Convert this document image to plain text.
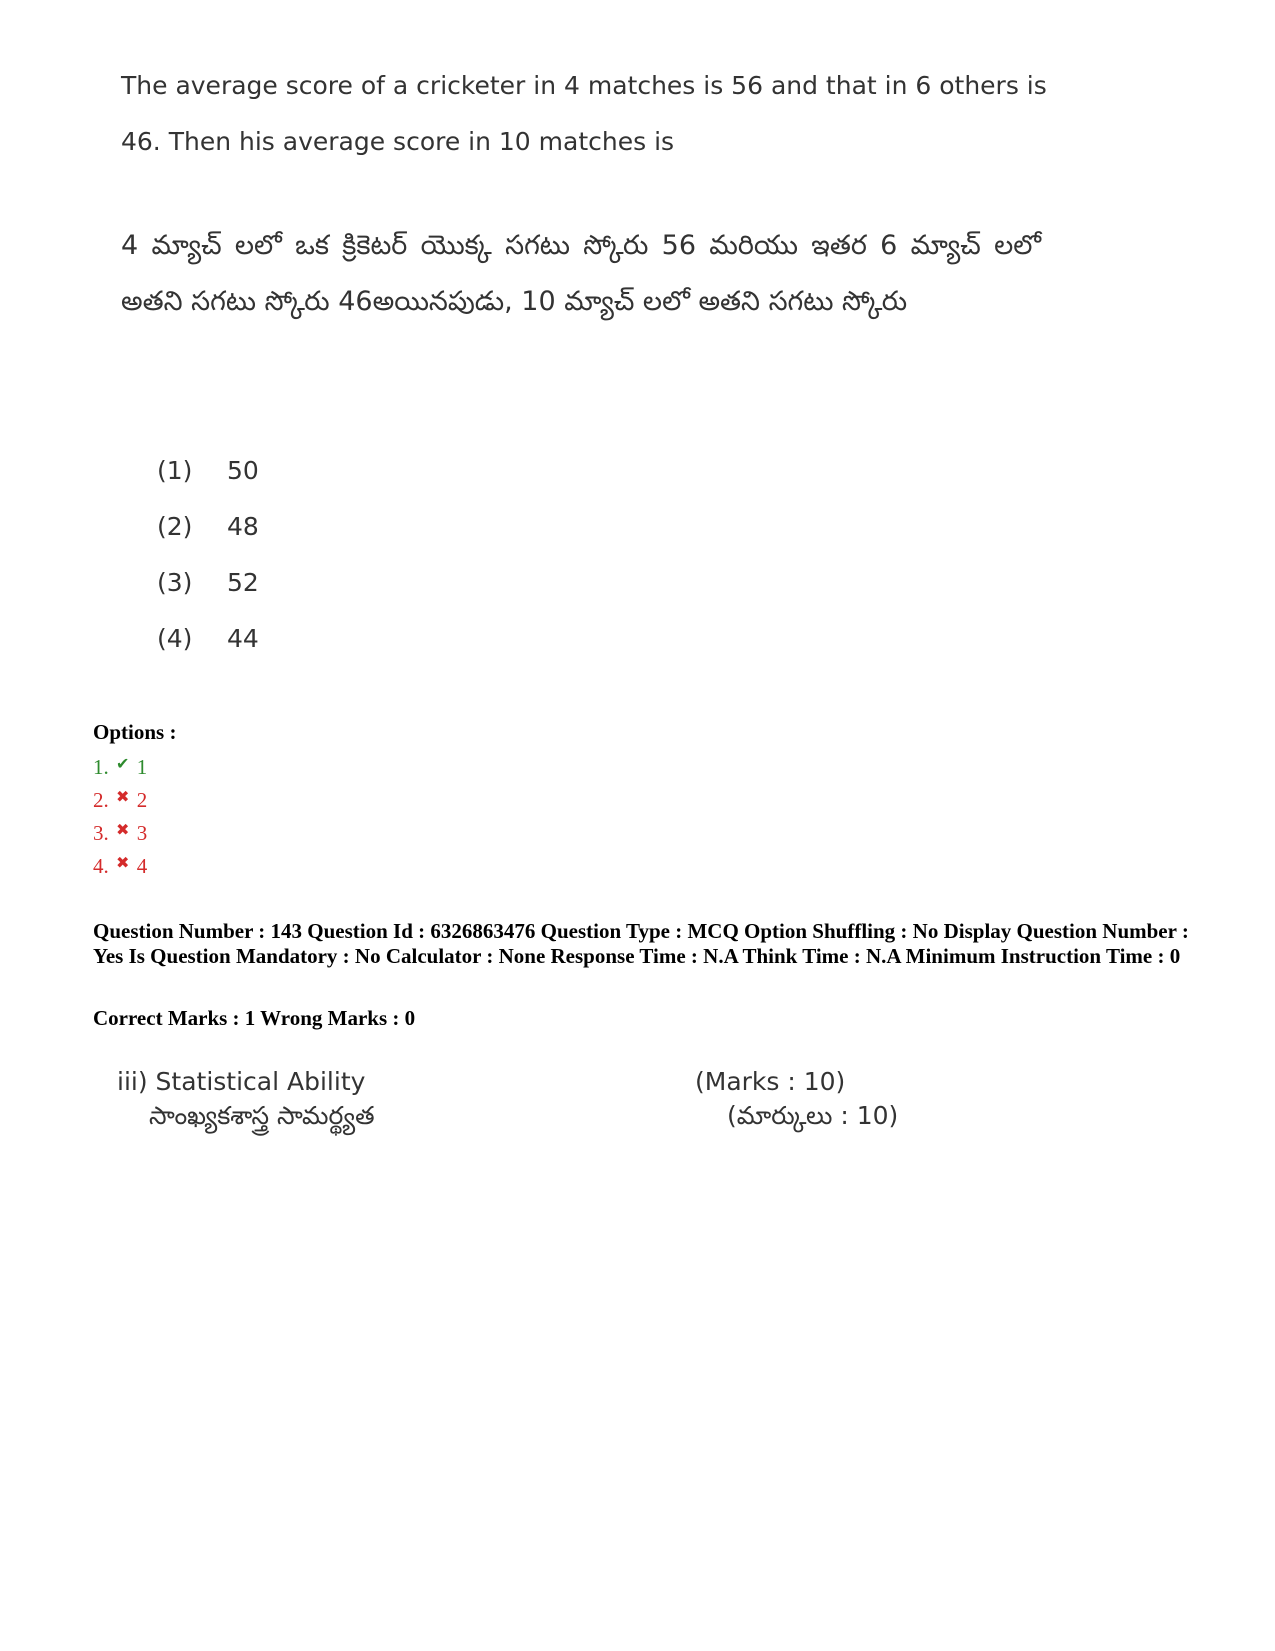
The average score of a cricketer in 4 matches is 56 and that in 6 others is 46. Then his average score in 10 matches is
4 మ్యాచ్ లలో ఒక క్రికెటర్ యొక్క సగటు స్కోరు 56 మరియు ఇతర 6 మ్యాచ్ లలో అతని సగటు స్కోరు 46అయినపుడు, 10 మ్యాచ్ లలో అతని సగటు స్కోరు
(1)	50
(2)	48
(3)	52
(4)	44
Options :
1. ✔ 1
2. ✖ 2
3. ✖ 3
4. ✖ 4
Question Number : 143 Question Id : 6326863476 Question Type : MCQ Option Shuffling : No Display Question Number : Yes Is Question Mandatory : No Calculator : None Response Time : N.A Think Time : N.A Minimum Instruction Time : 0
Correct Marks : 1 Wrong Marks : 0
iii) Statistical Ability	(Marks : 10)
సాంఖ్యకశాస్త్ర సామర్థ్యత	(మార్కులు : 10)
